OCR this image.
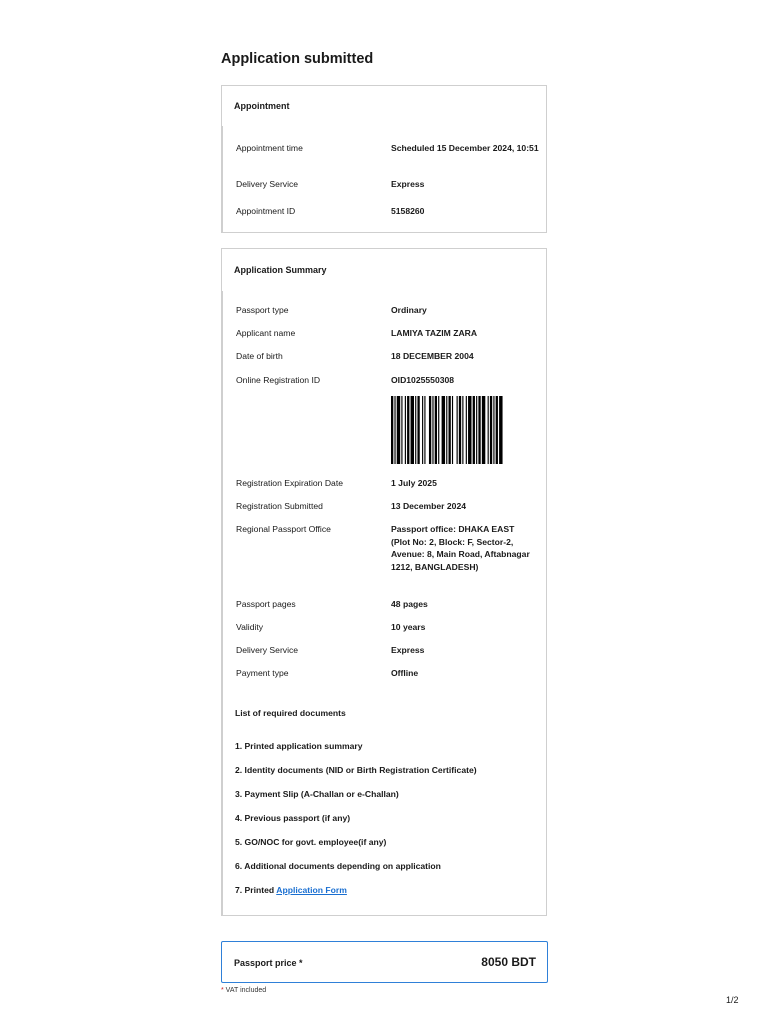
Application submitted
Appointment
Appointment time	Scheduled 15 December 2024, 10:51
Delivery Service	Express
Appointment ID	5158260
Application Summary
Passport type	Ordinary
Applicant name	LAMIYA TAZIM ZARA
Date of birth	18 DECEMBER 2004
Online Registration ID	OID1025550308
Registration Expiration Date	1 July 2025
Registration Submitted	13 December 2024
Regional Passport Office	Passport office: DHAKA EAST (Plot No: 2, Block: F, Sector-2, Avenue: 8, Main Road, Aftabnagar 1212, BANGLADESH)
Passport pages	48 pages
Validity	10 years
Delivery Service	Express
Payment type	Offline
List of required documents
1. Printed application summary
2. Identity documents (NID or Birth Registration Certificate)
3. Payment Slip (A-Challan or e-Challan)
4. Previous passport (if any)
5. GO/NOC for govt. employee(if any)
6. Additional documents depending on application
7. Printed Application Form
Passport price *	8050 BDT
* VAT included
1/2
